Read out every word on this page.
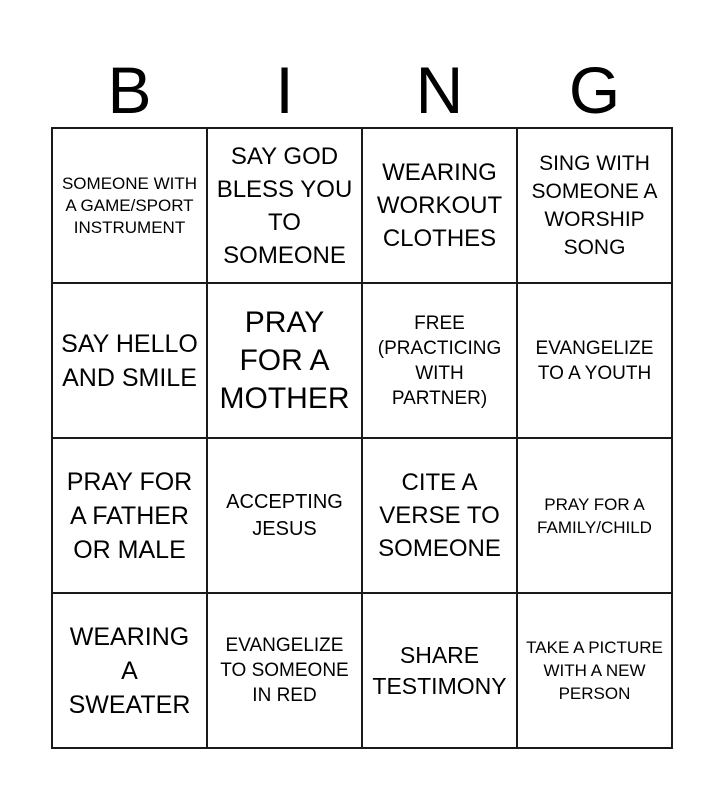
B	I	N	G
SOMEONE WITH A GAME/SPORT INSTRUMENT	SAY GOD BLESS YOU TO SOMEONE	WEARING WORKOUT CLOTHES	SING WITH SOMEONE A WORSHIP SONG

SAY HELLO AND SMILE	PRAY FOR A MOTHER	FREE (PRACTICING WITH PARTNER)	EVANGELIZE TO A YOUTH

PRAY FOR A FATHER OR MALE	ACCEPTING JESUS	CITE A VERSE TO SOMEONE	PRAY FOR A FAMILY/CHILD

WEARING A SWEATER	EVANGELIZE TO SOMEONE IN RED	SHARE TESTIMONY	TAKE A PICTURE WITH A NEW PERSON
